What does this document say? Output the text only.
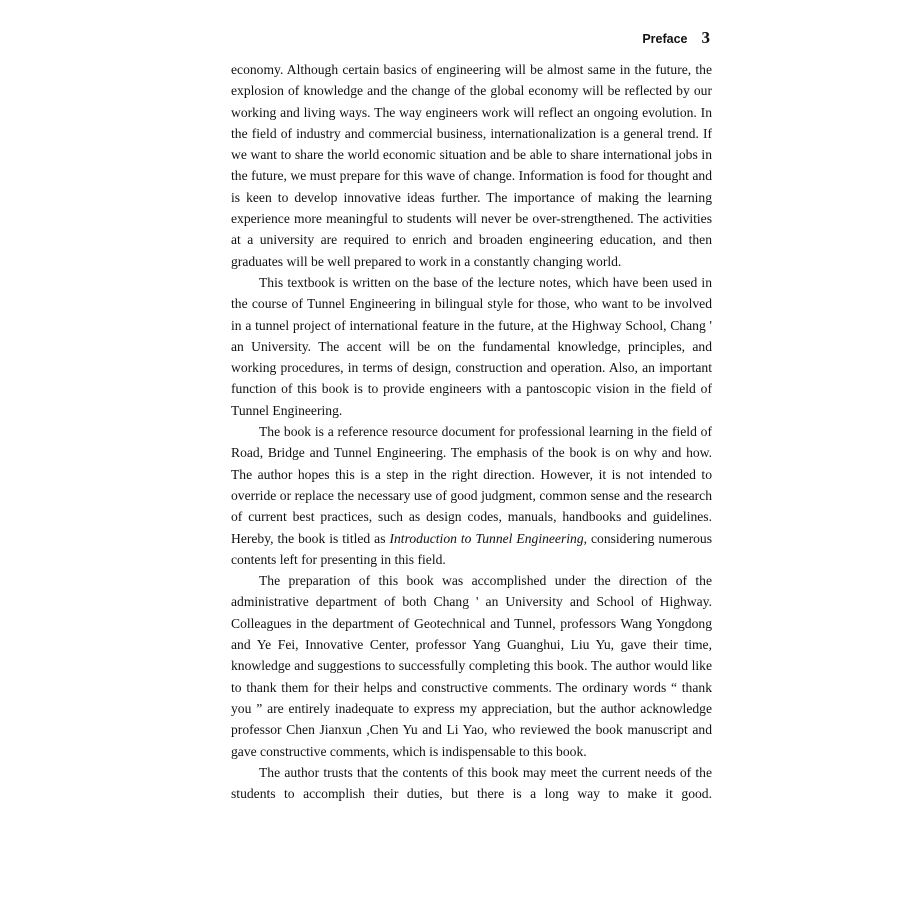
Preface 3

economy. Although certain basics of engineering will be almost same in the future, the explosion of knowledge and the change of the global economy will be reflected by our working and living ways. The way engineers work will reflect an ongoing evolution. In the field of industry and commercial business, internationalization is a general trend. If we want to share the world economic situation and be able to share international jobs in the future, we must prepare for this wave of change. Information is food for thought and is keen to develop innovative ideas further. The importance of making the learning experience more meaningful to students will never be over-strengthened. The activities at a university are required to enrich and broaden engineering education, and then graduates will be well prepared to work in a constantly changing world.

This textbook is written on the base of the lecture notes, which have been used in the course of Tunnel Engineering in bilingual style for those, who want to be involved in a tunnel project of international feature in the future, at the Highway School, Chang ' an University. The accent will be on the fundamental knowledge, principles, and working procedures, in terms of design, construction and operation. Also, an important function of this book is to provide engineers with a pantoscopic vision in the field of Tunnel Engineering.

The book is a reference resource document for professional learning in the field of Road, Bridge and Tunnel Engineering. The emphasis of the book is on why and how. The author hopes this is a step in the right direction. However, it is not intended to override or replace the necessary use of good judgment, common sense and the research of current best practices, such as design codes, manuals, handbooks and guidelines. Hereby, the book is titled as Introduction to Tunnel Engineering, considering numerous contents left for presenting in this field.

The preparation of this book was accomplished under the direction of the administrative department of both Chang ' an University and School of Highway. Colleagues in the department of Geotechnical and Tunnel, professors Wang Yongdong and Ye Fei, Innovative Center, professor Yang Guanghui, Liu Yu, gave their time, knowledge and suggestions to successfully completing this book. The author would like to thank them for their helps and constructive comments. The ordinary words “ thank you ” are entirely inadequate to express my appreciation, but the author acknowledge professor Chen Jianxun ,Chen Yu and Li Yao, who reviewed the book manuscript and gave constructive comments, which is indispensable to this book.

The author trusts that the contents of this book may meet the current needs of the students to accomplish their duties, but there is a long way to make it good.
